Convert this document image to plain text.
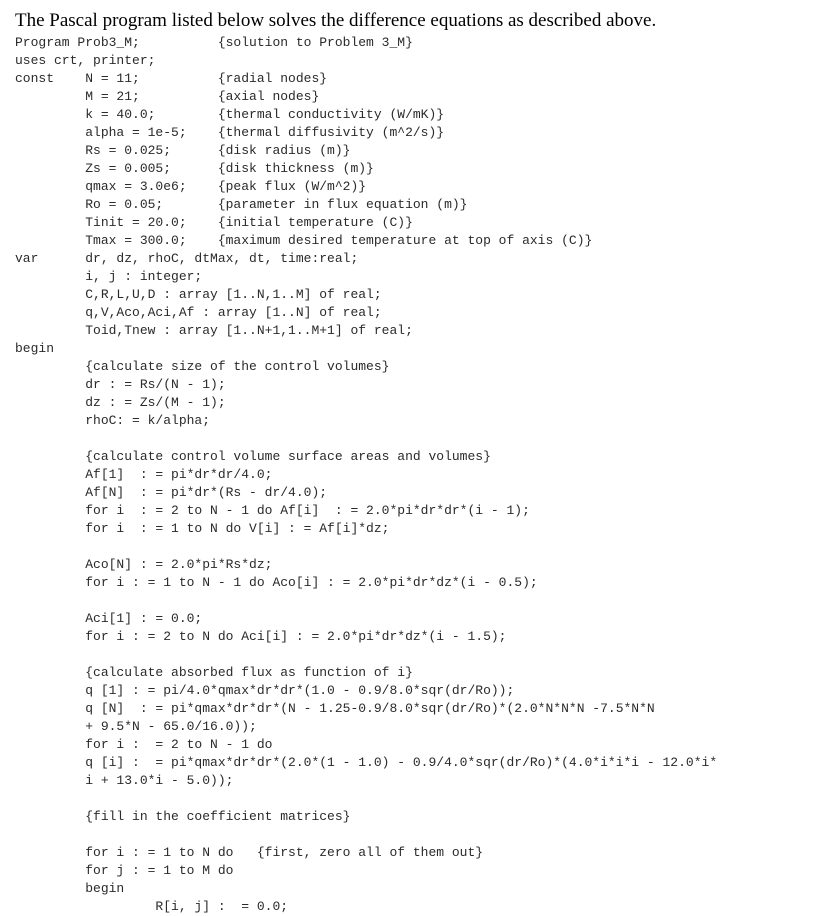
The Pascal program listed below solves the difference equations as described above.
Program Prob3_M;          {solution to Problem 3_M}
uses crt, printer;
const    N = 11;          {radial nodes}
M = 21;          {axial nodes}
k = 40.0;        {thermal conductivity (W/mK)}
alpha = 1e-5;    {thermal diffusivity (m^2/s)}
Rs = 0.025;      {disk radius (m)}
Zs = 0.005;      {disk thickness (m)}
qmax = 3.0e6;    {peak flux (W/m^2)}
Ro = 0.05;       {parameter in flux equation (m)}
Tinit = 20.0;    {initial temperature (C)}
Tmax = 300.0;    {maximum desired temperature at top of axis (C)}
var      dr, dz, rhoC, dtMax, dt, time:real;
i, j : integer;
C,R,L,U,D : array [1..N,1..M] of real;
q,V,Aco,Aci,Af : array [1..N] of real;
Toid,Tnew : array [1..N+1,1..M+1] of real;
begin
{calculate size of the control volumes}
dr : = Rs/(N - 1);
dz : = Zs/(M - 1);
rhoC: = k/alpha;
{calculate control volume surface areas and volumes}
Af[1]  : = pi*dr*dr/4.0;
Af[N]  : = pi*dr*(Rs - dr/4.0);
for i  : = 2 to N - 1 do Af[i]  : = 2.0*pi*dr*dr*(i - 1);
for i  : = 1 to N do V[i] : = Af[i]*dz;
Aco[N] : = 2.0*pi*Rs*dz;
for i : = 1 to N - 1 do Aco[i] : = 2.0*pi*dr*dz*(i - 0.5);
Aci[1] : = 0.0;
for i : = 2 to N do Aci[i] : = 2.0*pi*dr*dz*(i - 1.5);
{calculate absorbed flux as function of i}
q [1] : = pi/4.0*qmax*dr*dr*(1.0 - 0.9/8.0*sqr(dr/Ro));
q [N]  : = pi*qmax*dr*dr*(N - 1.25-0.9/8.0*sqr(dr/Ro)*(2.0*N*N*N -7.5*N*N
+ 9.5*N - 65.0/16.0));
for i :  = 2 to N - 1 do
q [i] :  = pi*qmax*dr*dr*(2.0*(1 - 1.0) - 0.9/4.0*sqr(dr/Ro)*(4.0*i*i*i - 12.0*i*
i + 13.0*i - 5.0));
{fill in the coefficient matrices}
for i : = 1 to N do   {first, zero all of them out}
for j : = 1 to M do
begin
R[i, j] :  = 0.0;
